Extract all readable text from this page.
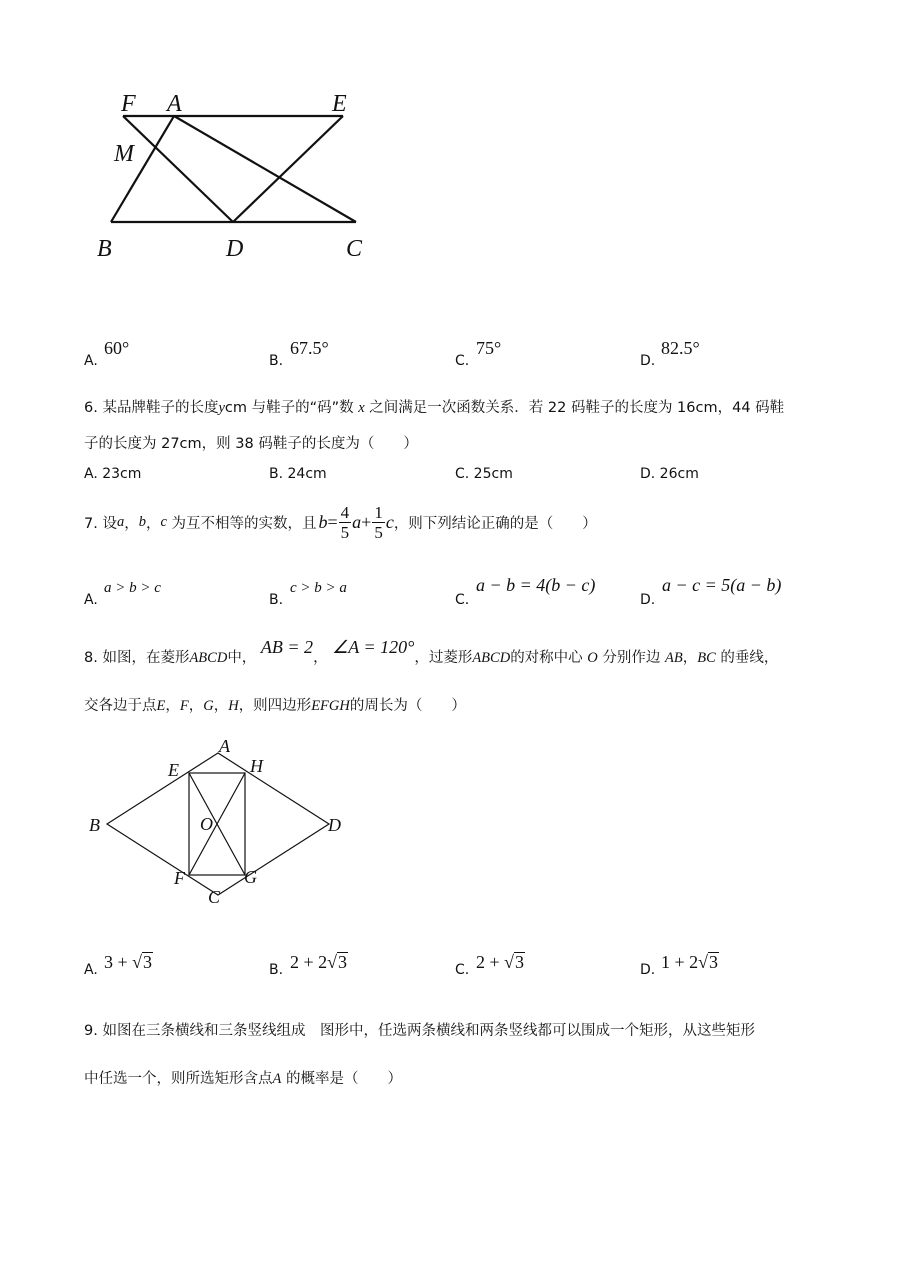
F A	E
M
B	D	C
A.
60°
B.
67.5°
C.
75°
D.
82.5°
6. 某品牌鞋子的长度ycm 与鞋子的“码”数 x 之间满足一次函数关系．若 22 码鞋子的长度为 16cm，44 码鞋
子的长度为 27cm，则 38 码鞋子的长度为（　　）
A. 23cm	B. 24cm	C. 25cm	D. 26cm
7. 设 a ， b ， c
为互不相等的实数，且 $b = \frac{4}{5}$ $a + \frac{1}{5}$ c ，则下列结论正确的是（　　）
A.
a > b > c
B.
c > b > a
C.
a − b = 4(b − c)
D.
a − c = 5(a − b)
8. 如图，在菱形ABCD中， AB = 2， ∠A = 120°，过菱形ABCD的对称中心 O 分别作边 AB，BC 的垂线，
交各边于点E，F，G，H，则四边形EFGH的周长为（　　）
A
E	H
B	O	D
F	G
C
A. 3 + √3	B. 2 + 2√3	C. 2 + √3	D. 1 + 2√3
9. 如图在三条横线和三条竖线组成　图形中，任选两条横线和两条竖线都可以围成一个矩形，从这些矩形
中任选一个，则所选矩形含点A 的概率是（　　）
